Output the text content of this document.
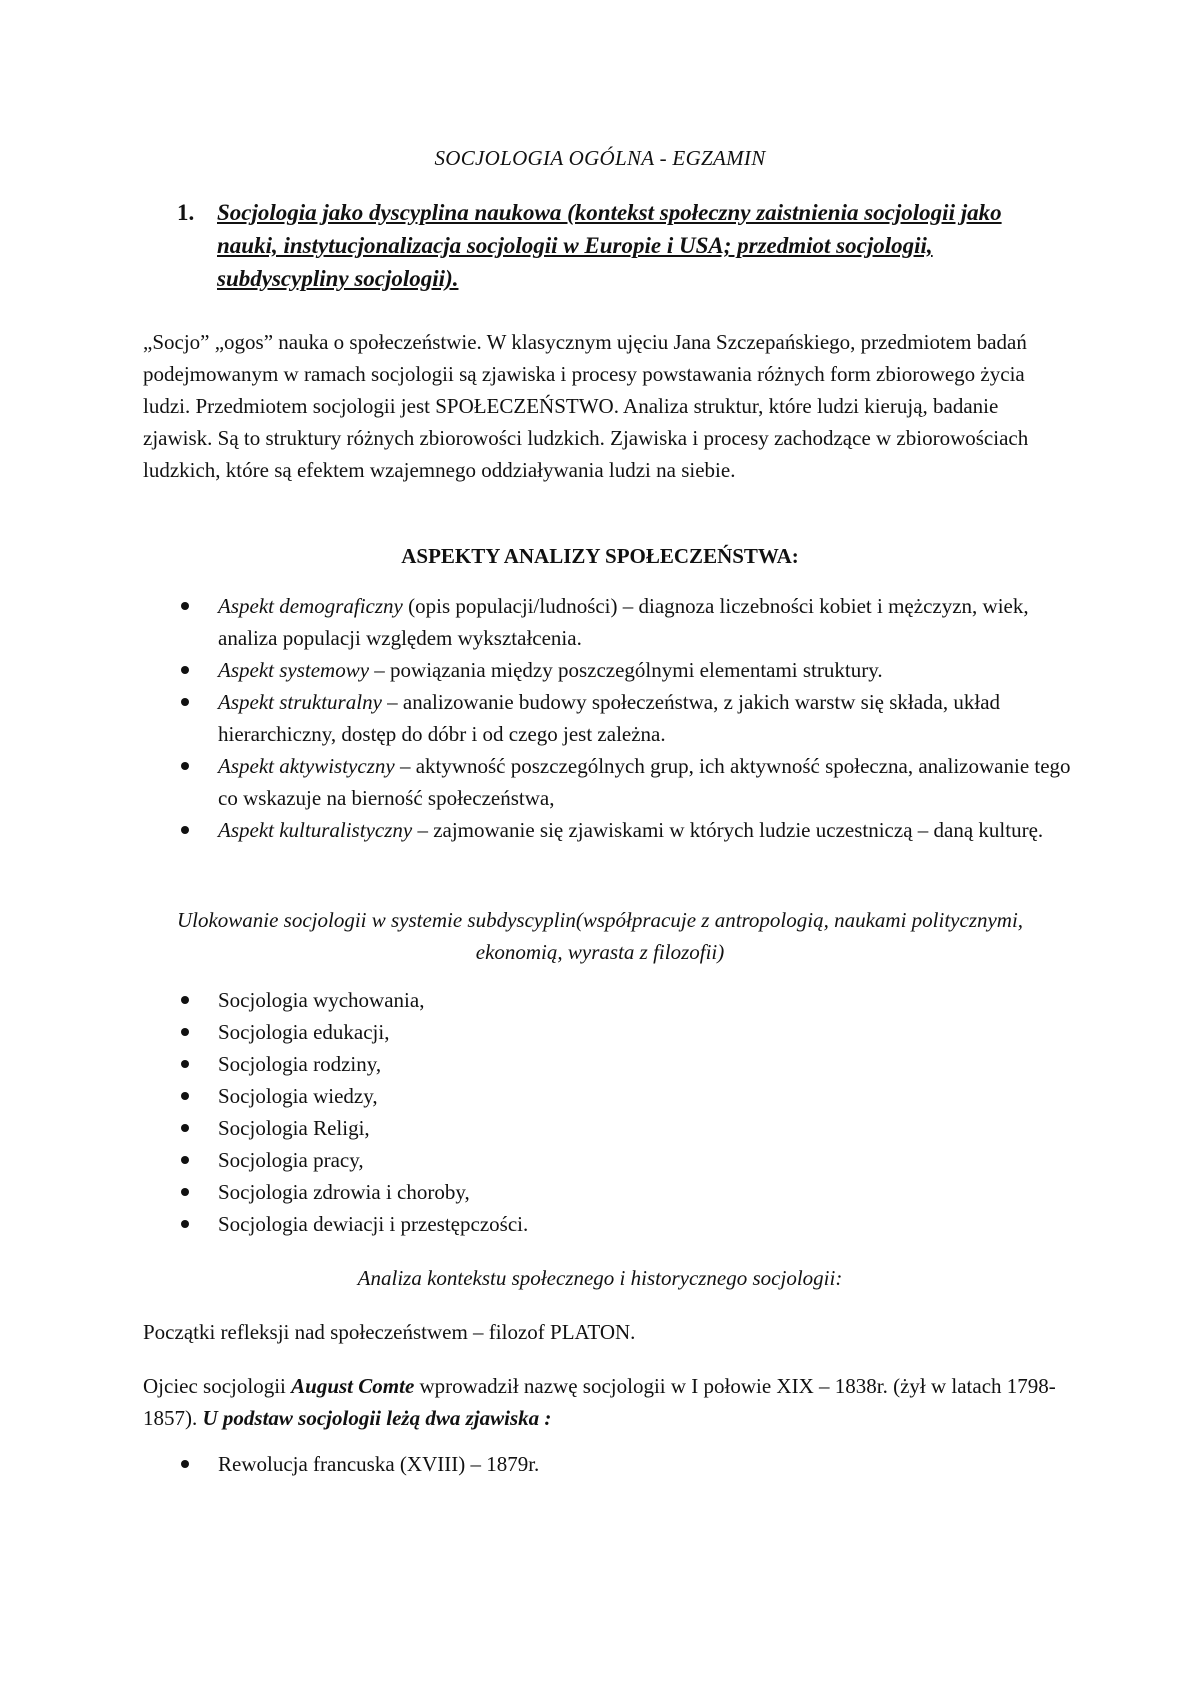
SOCJOLOGIA OGÓLNA - EGZAMIN
1. Socjologia jako dyscyplina naukowa (kontekst społeczny zaistnienia socjologii jako nauki, instytucjonalizacja socjologii w Europie i USA; przedmiot socjologii, subdyscypliny socjologii).

„Socjo” „ogos” nauka o społeczeństwie. W klasycznym ujęciu Jana Szczepańskiego, przedmiotem badań podejmowanym w ramach socjologii są zjawiska i procesy powstawania różnych form zbiorowego życia ludzi. Przedmiotem socjologii jest SPOŁECZEŃSTWO. Analiza struktur, które ludzi kierują, badanie zjawisk. Są to struktury różnych zbiorowości ludzkich. Zjawiska i procesy zachodzące w zbiorowościach ludzkich, które są efektem wzajemnego oddziaływania ludzi na siebie.

ASPEKTY ANALIZY SPOŁECZEŃSTWA:

Aspekt demograficzny (opis populacji/ludności) – diagnoza liczebności kobiet i mężczyzn, wiek, analiza populacji względem wykształcenia.
Aspekt systemowy – powiązania między poszczególnymi elementami struktury.
Aspekt strukturalny – analizowanie budowy społeczeństwa, z jakich warstw się składa, układ hierarchiczny, dostęp do dóbr i od czego jest zależna.
Aspekt aktywistyczny – aktywność poszczególnych grup, ich aktywność społeczna, analizowanie tego co wskazuje na bierność społeczeństwa,
Aspekt kulturalistyczny – zajmowanie się zjawiskami w których ludzie uczestniczą – daną kulturę.

Ulokowanie socjologii w systemie subdyscyplin(współpracuje z antropologią, naukami politycznymi, ekonomią, wyrasta z filozofii)

Socjologia wychowania,
Socjologia edukacji,
Socjologia rodziny,
Socjologia wiedzy,
Socjologia Religi,
Socjologia pracy,
Socjologia zdrowia i choroby,
Socjologia dewiacji i przestępczości.

Analiza kontekstu społecznego i historycznego socjologii:

Początki refleksji nad społeczeństwem – filozof PLATON.

Ojciec socjologii August Comte wprowadził nazwę socjologii w I połowie XIX – 1838r. (żył w latach 1798-1857). U podstaw socjologii leżą dwa zjawiska :

Rewolucja francuska (XVIII) – 1879r.
